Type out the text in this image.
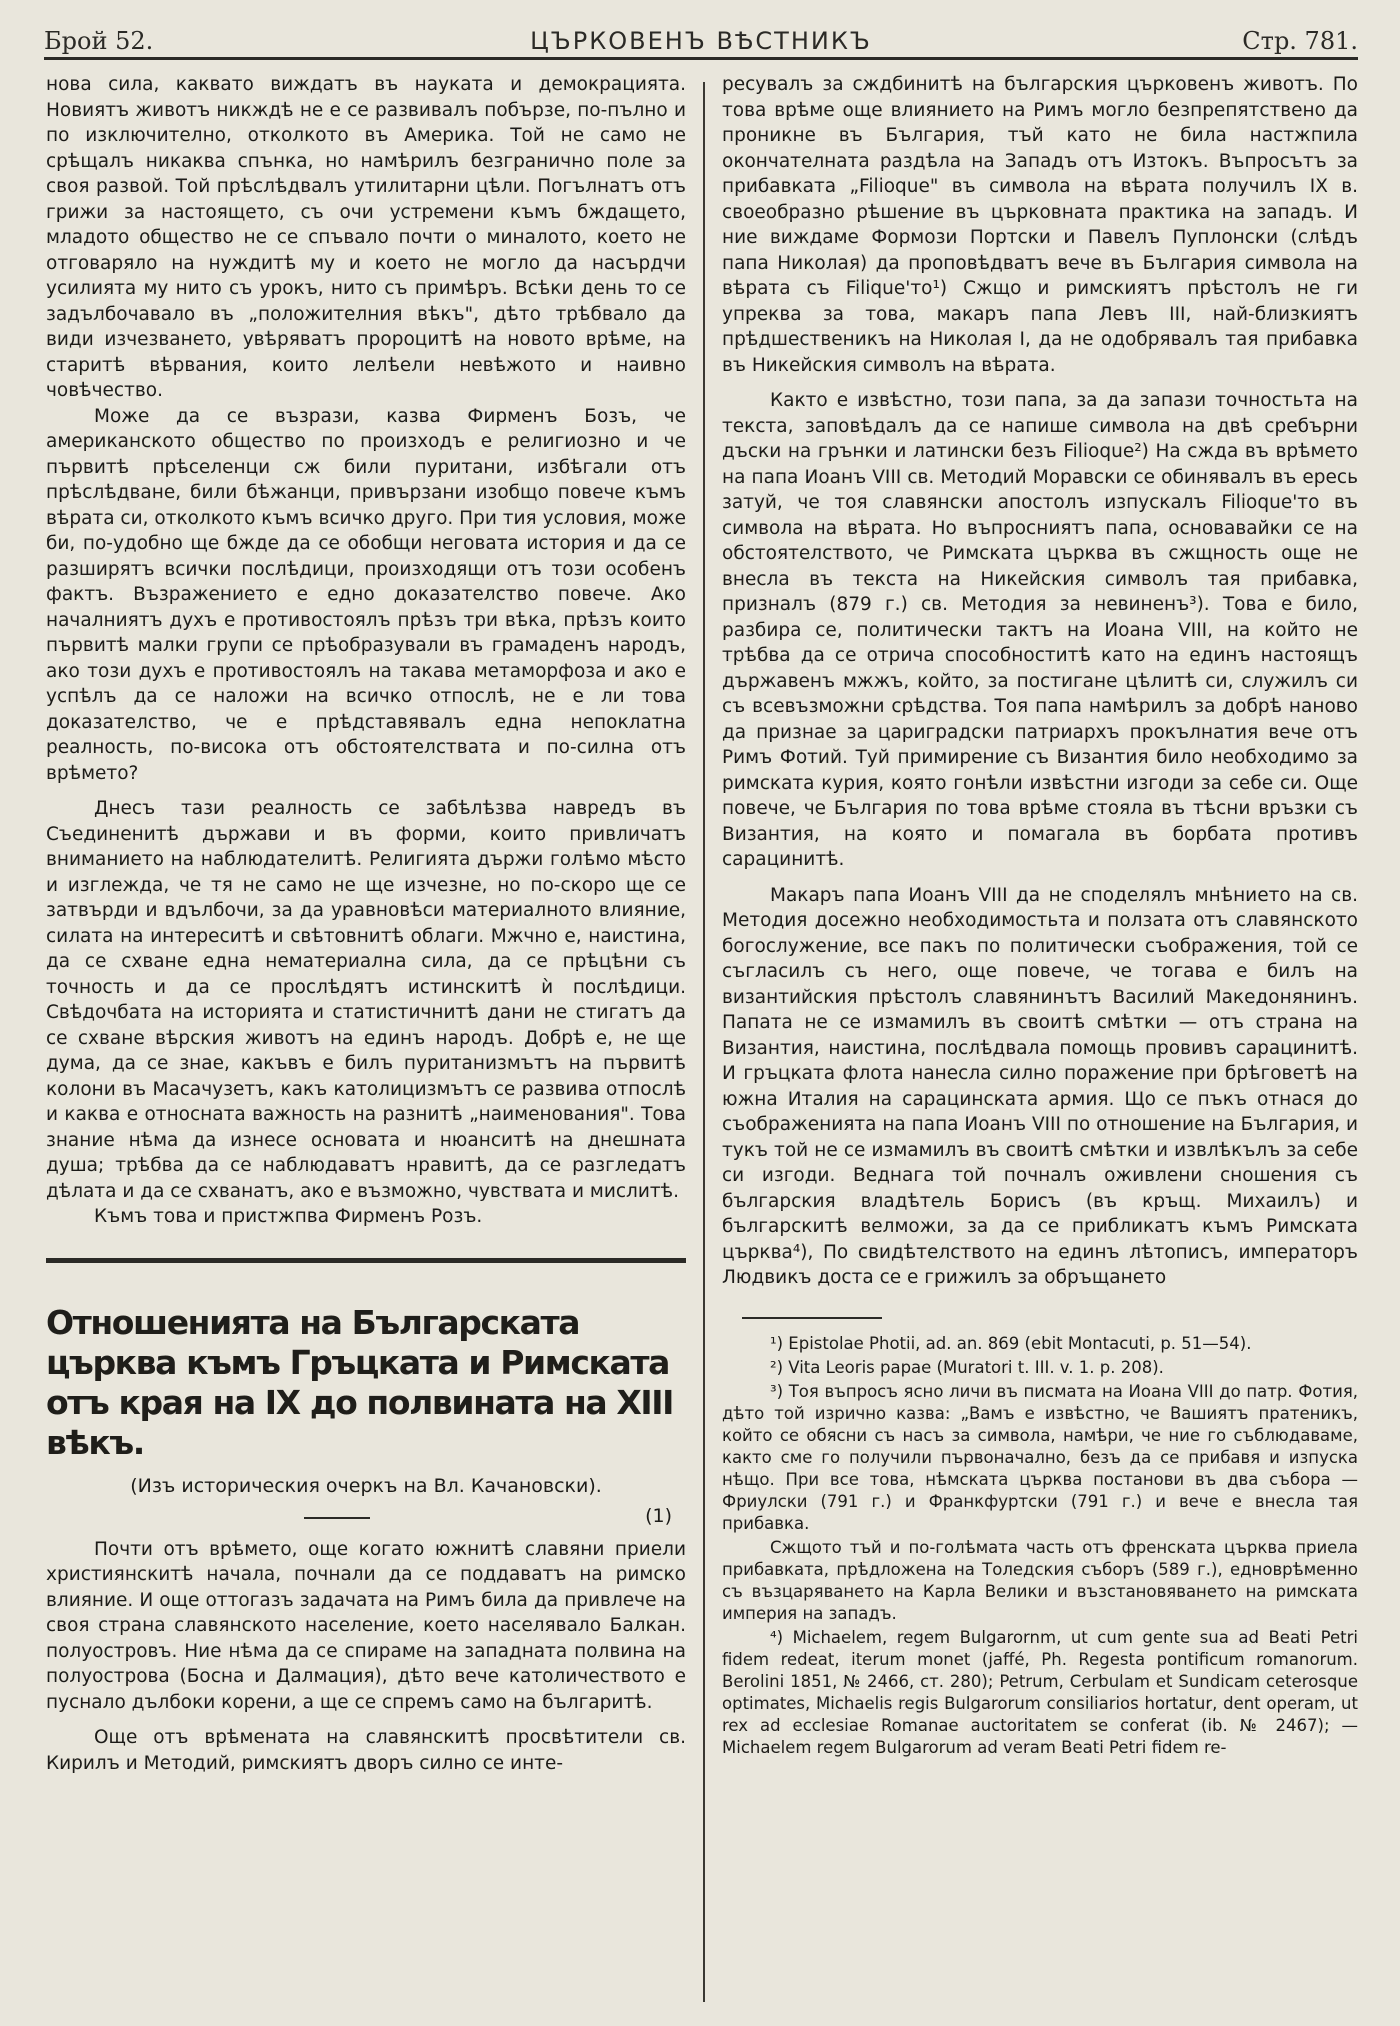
Брой 52.	ЦЪРКОВЕНЪ ВѢСТНИКЪ	Стр. 781.

нова сила, каквато виждатъ въ науката и демокрацията. Новиятъ животъ никждѣ не е се развивалъ побързе, по-пълно и по изключително, отколкото въ Америка. Той не само не срѣщалъ никаква спънка, но намѣрилъ безгранично поле за своя развой. Той прѣслѣдвалъ утилитарни цѣли. Погълнатъ отъ грижи за настоящето, съ очи устремени къмъ бждащето, младото общество не се спъвало почти о миналото, което не отговаряло на нуждитѣ му и което не могло да насърдчи усилията му нито съ урокъ, нито съ примѣръ. Всѣки день то се задълбочавало въ „положителния вѣкъ", дѣто трѣбвало да види изчезването, увѣряватъ пророцитѣ на новото врѣме, на старитѣ вѣрвания, които лелѣели невѣжото и наивно човѣчество.

Може да се възрази, казва Фирменъ Бозъ, че американското общество по произходъ е религиозно и че първитѣ прѣселенци сж били пуритани, избѣгали отъ прѣслѣдване, били бѣжанци, привързани изобщо повече къмъ вѣрата си, отколкото къмъ всичко друго. При тия условия, може би, по-удобно ще бжде да се обобщи неговата история и да се разширятъ всички послѣдици, произходящи отъ този особенъ фактъ. Възражението е едно доказателство повече. Ако началниятъ духъ е противостоялъ прѣзъ три вѣка, прѣзъ които първитѣ малки групи се прѣобразували въ грамаденъ народъ, ако този духъ е противостоялъ на такава метаморфоза и ако е успѣлъ да се наложи на всичко отпослѣ, не е ли това доказателство, че е прѣдставявалъ една непоклатна реалность, по-висока отъ обстоятелствата и по-силна отъ врѣмето?

Днесъ тази реалность се забѣлѣзва навредъ въ Съединенитѣ държави и въ форми, които привличатъ вниманието на наблюдателитѣ. Религията държи голѣмо мѣсто и изглежда, че тя не само не ще изчезне, но по-скоро ще се затвърди и вдълбочи, за да уравновѣси материалното влияние, силата на интереситѣ и свѣтовнитѣ облаги. Мжчно е, наистина, да се схване една нематериална сила, да се прѣцѣни съ точность и да се прослѣдятъ истинскитѣ ѝ послѣдици. Свѣдочбата на историята и статистичнитѣ дани не стигатъ да се схване вѣрския животъ на единъ народъ. Добрѣ е, не ще дума, да се знае, какъвъ е билъ пуританизмътъ на първитѣ колони въ Масачузетъ, какъ католицизмътъ се развива отпослѣ и каква е относната важность на разнитѣ „наименования". Това знание нѣма да изнесе основата и нюанситѣ на днешната душа; трѣбва да се наблюдаватъ нравитѣ, да се разгледатъ дѣлата и да се схванатъ, ако е възможно, чувствата и мислитѣ.

Къмъ това и пристжпва Фирменъ Розъ.

Отношенията на Българската църква къмъ Гръцката и Римската отъ края на IX до полвината на XIII вѣкъ.

(Изъ историческия очеркъ на Вл. Качановски).

(1)

Почти отъ врѣмето, още когато южнитѣ славяни приели християнскитѣ начала, почнали да се поддаватъ на римско влияние. И още оттогазъ задачата на Римъ била да привлече на своя страна славянското население, което населявало Балкан. полуостровъ. Ние нѣма да се спираме на западната полвина на полуострова (Босна и Далмация), дѣто вече католичеството е пуснало дълбоки корени, а ще се спремъ само на българитѣ.

Още отъ врѣмената на славянскитѣ просвѣтители св. Кирилъ и Методий, римскиятъ дворъ силно се инте-

ресувалъ за сждбинитѣ на българския църковенъ животъ. По това врѣме още влиянието на Римъ могло безпрепятствено да проникне въ България, тъй като не била настжпила окончателната раздѣла на Западъ отъ Изтокъ. Въпросътъ за прибавката „Filioque" въ символа на вѣрата получилъ IX в. своеобразно рѣшение въ църковната практика на западъ. И ние виждаме Формози Портски и Павелъ Пуплонски (слѣдъ папа Николая) да проповѣдватъ вече въ България символа на вѣрата съ Filique'то¹) Сжщо и римскиятъ прѣстолъ не ги упреква за това, макаръ папа Левъ III, най-близкиятъ прѣдшественикъ на Николая I, да не одобрявалъ тая прибавка въ Никейския символъ на вѣрата.

Както е извѣстно, този папа, за да запази точностьта на текста, заповѣдалъ да се напише символа на двѣ сребърни дъски на грънки и латински безъ Filioque²) На сжда въ врѣмето на папа Иоанъ VIII св. Методий Моравски се обинявалъ въ ересь затуй, че тоя славянски апостолъ изпускалъ Filioque'то въ символа на вѣрата. Но въпросниятъ папа, основавайки се на обстоятелството, че Римската църква въ сжщность още не внесла въ текста на Никейския символъ тая прибавка, призналъ (879 г.) св. Методия за невиненъ³). Това е било, разбира се, политически тактъ на Иоана VIII, на който не трѣбва да се отрича способноститѣ като на единъ настоящъ държавенъ мжжъ, който, за постигане цѣлитѣ си, служилъ си съ всевъзможни срѣдства. Тоя папа намѣрилъ за добрѣ наново да признае за цариградски патриархъ прокълнатия вече отъ Римъ Фотий. Туй примирение съ Византия било необходимо за римската курия, която гонѣли извѣстни изгоди за себе си. Още повече, че България по това врѣме стояла въ тѣсни връзки съ Византия, на която и помагала въ борбата противъ сарацинитѣ.

Макаръ папа Иоанъ VIII да не споделялъ мнѣнието на св. Методия досежно необходимостьта и ползата отъ славянското богослужение, все пакъ по политически съображения, той се съгласилъ съ него, още повече, че тогава е билъ на византийския прѣстолъ славянинътъ Василий Македонянинъ. Папата не се измамилъ въ своитѣ смѣтки — отъ страна на Византия, наистина, послѣдвала помощь провивъ сарацинитѣ. И гръцката флота нанесла силно поражение при брѣговетѣ на южна Италия на сарацинската армия. Що се пъкъ отнася до съображенията на папа Иоанъ VIII по отношение на България, и тукъ той не се измамилъ въ своитѣ смѣтки и извлѣкълъ за себе си изгоди. Веднага той почналъ оживлени сношения съ българския владѣтель Борисъ (въ кръщ. Михаилъ) и българскитѣ велможи, за да се прибликатъ къмъ Римската църква⁴), По свидѣтелството на единъ лѣтописъ, императоръ Людвикъ доста се е грижилъ за обръщането

¹) Epistolae Photii, ad. an. 869 (ebit Montacuti, p. 51—54).

²) Vita Leoris papae (Muratori t. III. v. 1. p. 208).

³) Тоя въпросъ ясно личи въ писмата на Иоана VIII до патр. Фотия, дѣто той изрично казва: „Вамъ е извѣстно, че Вашиятъ пратеникъ, който се обясни съ насъ за символа, намѣри, че ние го съблюдаваме, както сме го получили първоначално, безъ да се прибавя и изпуска нѣщо. При все това, нѣмската църква постанови въ два събора — Фриулски (791 г.) и Франкфуртски (791 г.) и вече е внесла тая прибавка.

Сжщото тъй и по-голѣмата часть отъ френската църква приела прибавката, прѣдложена на Толедския съборъ (589 г.), едноврѣменно съ възцаряването на Карла Велики и възстановяването на римската империя на западъ.

⁴) Michaelem, regem Bulgarornm, ut cum gente sua ad Beati Petri fidem redeat, iterum monet (jaffé, Ph. Regesta pontificum romanorum. Berolini 1851, № 2466, ст. 280); Petrum, Cerbulam et Sundicam ceterosque optimates, Michaelis regis Bulgarorum consiliarios hortatur, dent operam, ut rex ad ecclesiae Romanae auctoritatem se conferat (ib. № 2467); — Michaelem regem Bulgarorum ad veram Beati Petri fidem re-
